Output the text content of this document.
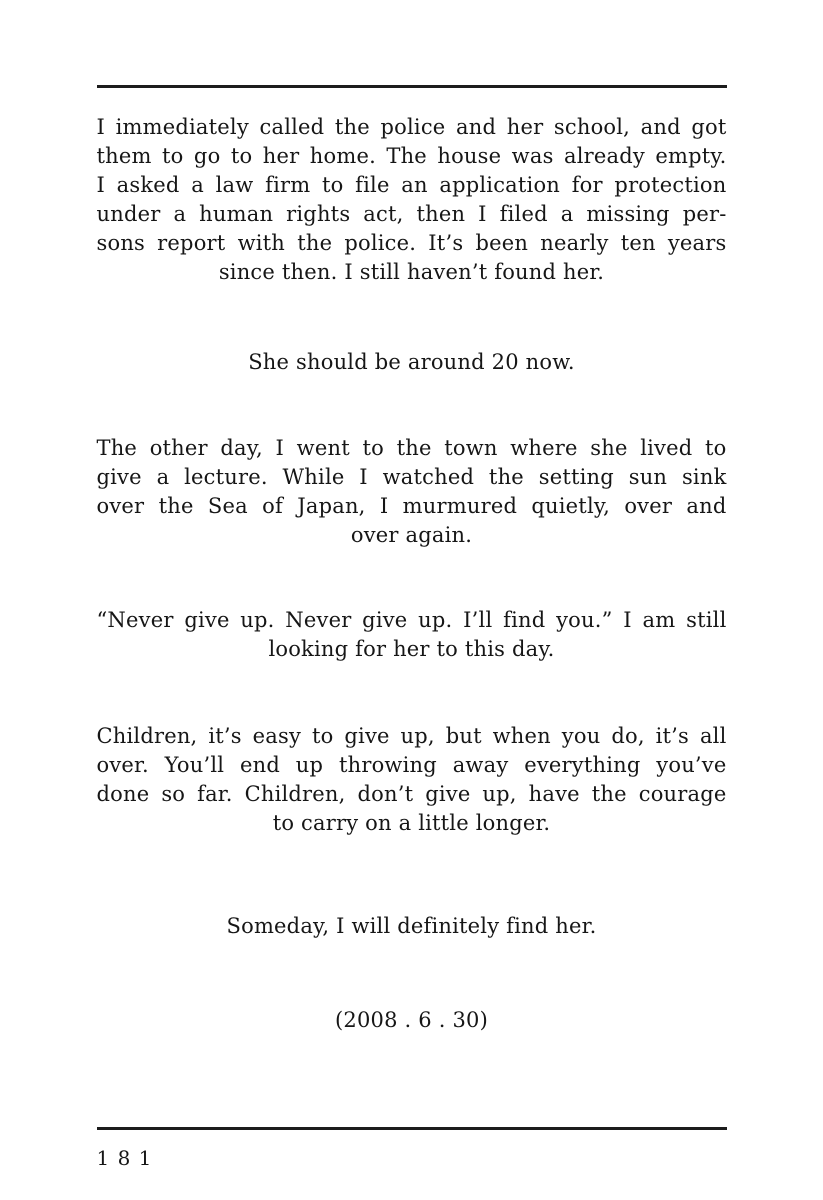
I immediately called the police and her school, and got
them to go to her home. The house was already empty.
I asked a law firm to file an application for protection
under a human rights act, then I filed a missing per-
sons report with the police. It’s been nearly ten years
since then. I still haven’t found her.
She should be around 20 now.
The other day, I went to the town where she lived to
give a lecture. While I watched the setting sun sink
over the Sea of Japan, I murmured quietly, over and
over again.
“Never give up. Never give up. I’ll find you.” I am still
looking for her to this day.
Children, it’s easy to give up, but when you do, it’s all
over. You’ll end up throwing away everything you’ve
done so far. Children, don’t give up, have the courage
to carry on a little longer.
Someday, I will definitely find her.
(2008 . 6 . 30)
1 8 1
